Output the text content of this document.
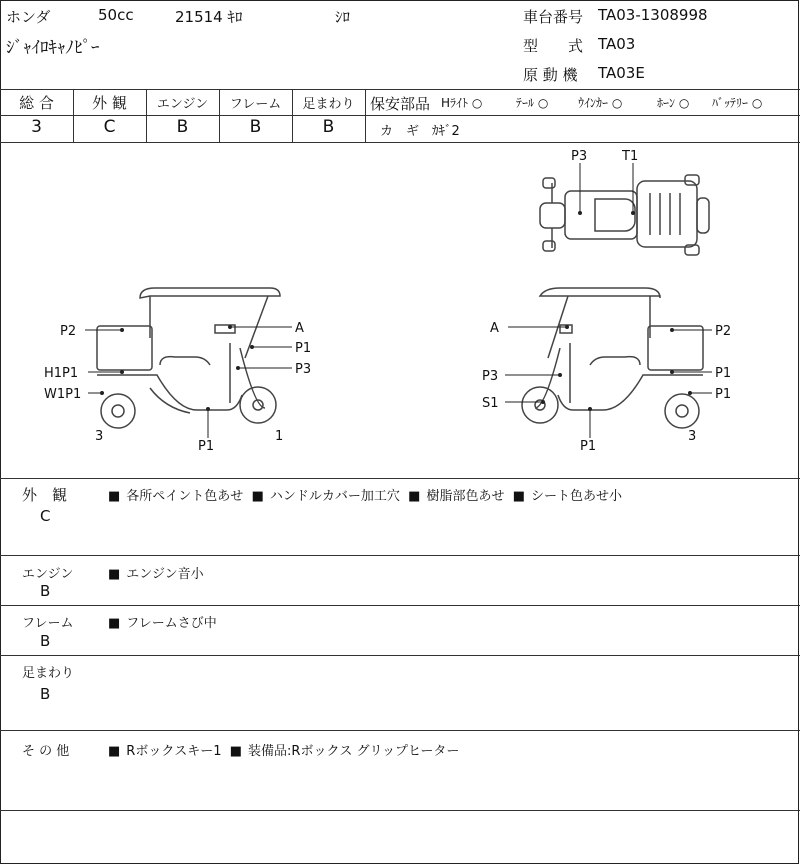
ホンダ	50cc	21514 ｷﾛ	ｼﾛ
ｼﾞｬｲﾛｷｬﾉﾋﾟｰ
車台番号 TA03-1308998
型　　式 TA03
原 動 機 TA03E
総 合	外 観	エンジン	フレーム	足まわり
3	C	B	B	B
保安部品 Hﾗｲﾄ ○	ﾃｰﾙ ○ ｳｲﾝｶｰ ○	ﾎｰﾝ ○ ﾊﾞｯﾃﾘｰ ○
カ　ギ ｶｷﾞ2
P3	T1
P2
H1P1
W1P1
3
A
P1
P3
P1
1
A
P3
S1
P1
P2
P1
P1
3
外　観
C
■ 各所ペイント色あせ ■ ハンドルカバー加工穴 ■ 樹脂部色あせ ■ シート色あせ小
エンジン
B
■ エンジン音小
フレーム
B
■ フレームさび中
足まわり
B
そ の 他	■ Rボックスキー1 ■ 装備品:Rボックス グリップヒーター
